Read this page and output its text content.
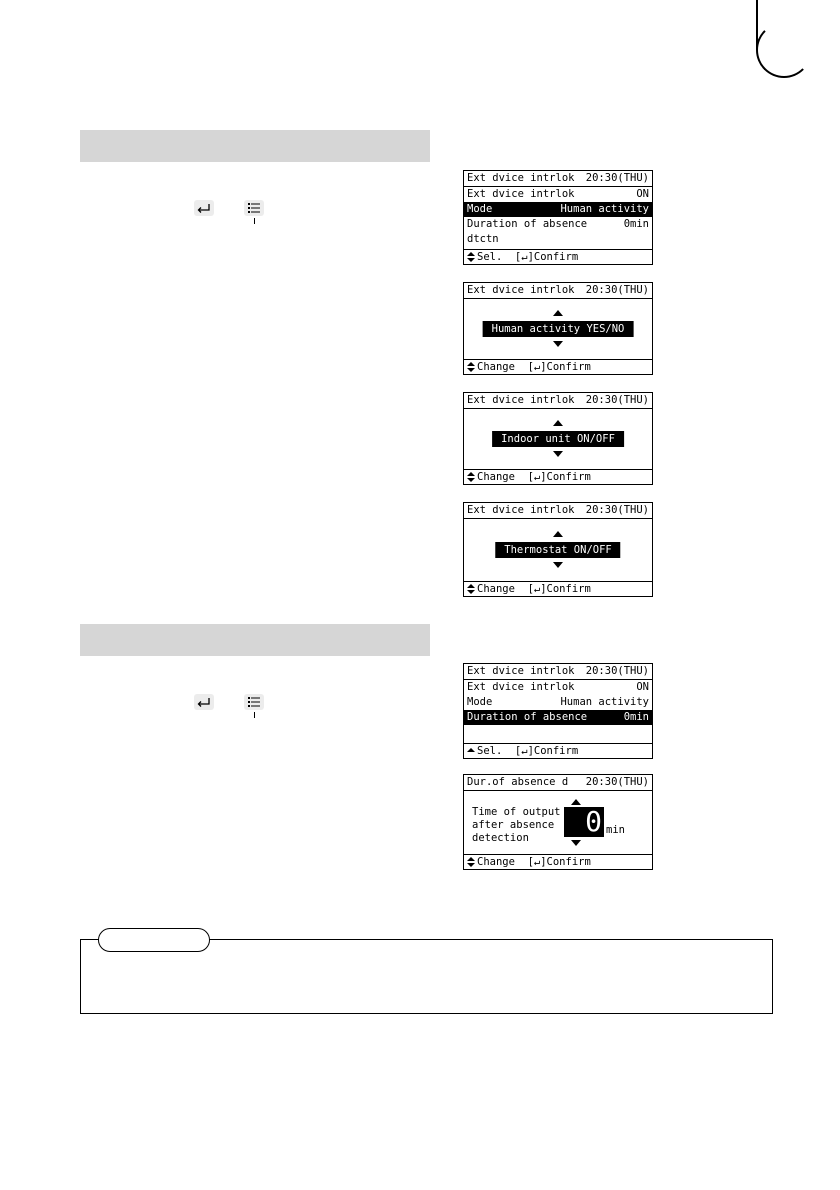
Ext dvice intrlok 20:30(THU)
Ext dvice intrlok	ON
Mode	Human activity
Duration of absence dtctn
0min
Sel.  [↵]Confirm
Ext dvice intrlok 20:30(THU)
Human activity YES/NO
Change  [↵]Confirm
Ext dvice intrlok 20:30(THU)
Indoor unit ON/OFF
Change  [↵]Confirm
Ext dvice intrlok 20:30(THU)
Thermostat ON/OFF
Change  [↵]Confirm
Ext dvice intrlok 20:30(THU)
Ext dvice intrlok	ON
Mode	Human activity
Duration of absence dtctn
0min
Sel.  [↵]Confirm
Dur.of absence d 20:30(THU)
Time of output
after absence
detection	0 min
Change  [↵]Confirm
